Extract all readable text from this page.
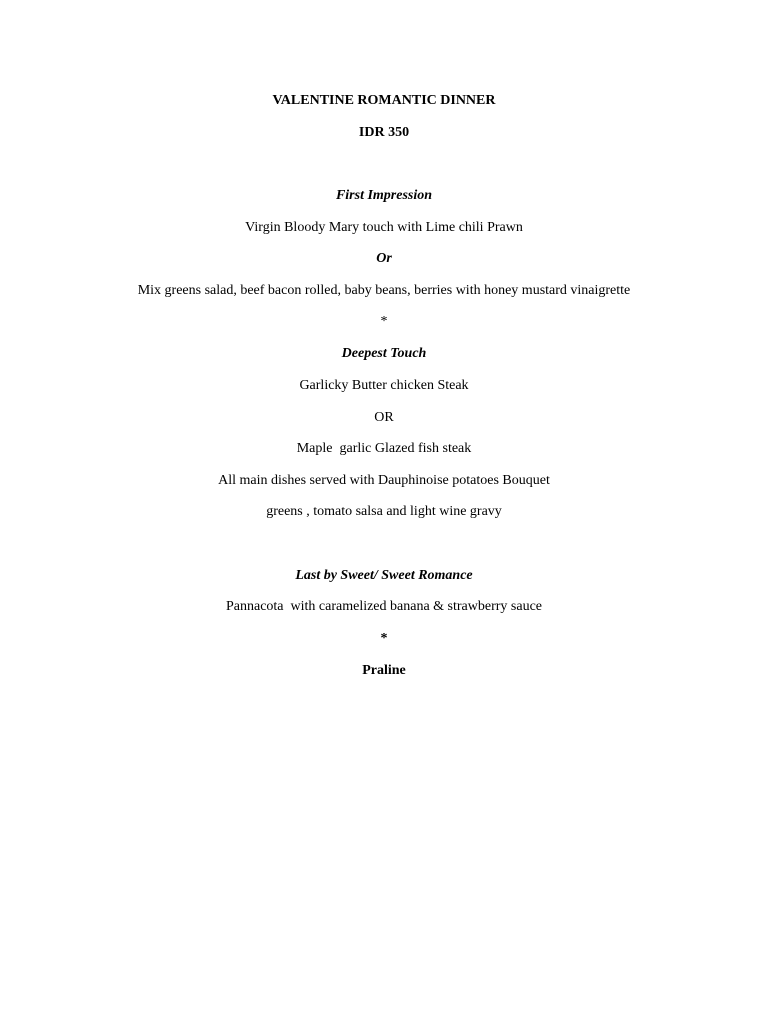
VALENTINE ROMANTIC DINNER
IDR 350
First Impression
Virgin Bloody Mary touch with Lime chili Prawn
Or
Mix greens salad, beef bacon rolled, baby beans, berries with honey mustard vinaigrette
*
Deepest Touch
Garlicky Butter chicken Steak
OR
Maple  garlic Glazed fish steak
All main dishes served with Dauphinoise potatoes Bouquet
greens , tomato salsa and light wine gravy
Last by Sweet/ Sweet Romance
Pannacota  with caramelized banana & strawberry sauce
*
Praline
